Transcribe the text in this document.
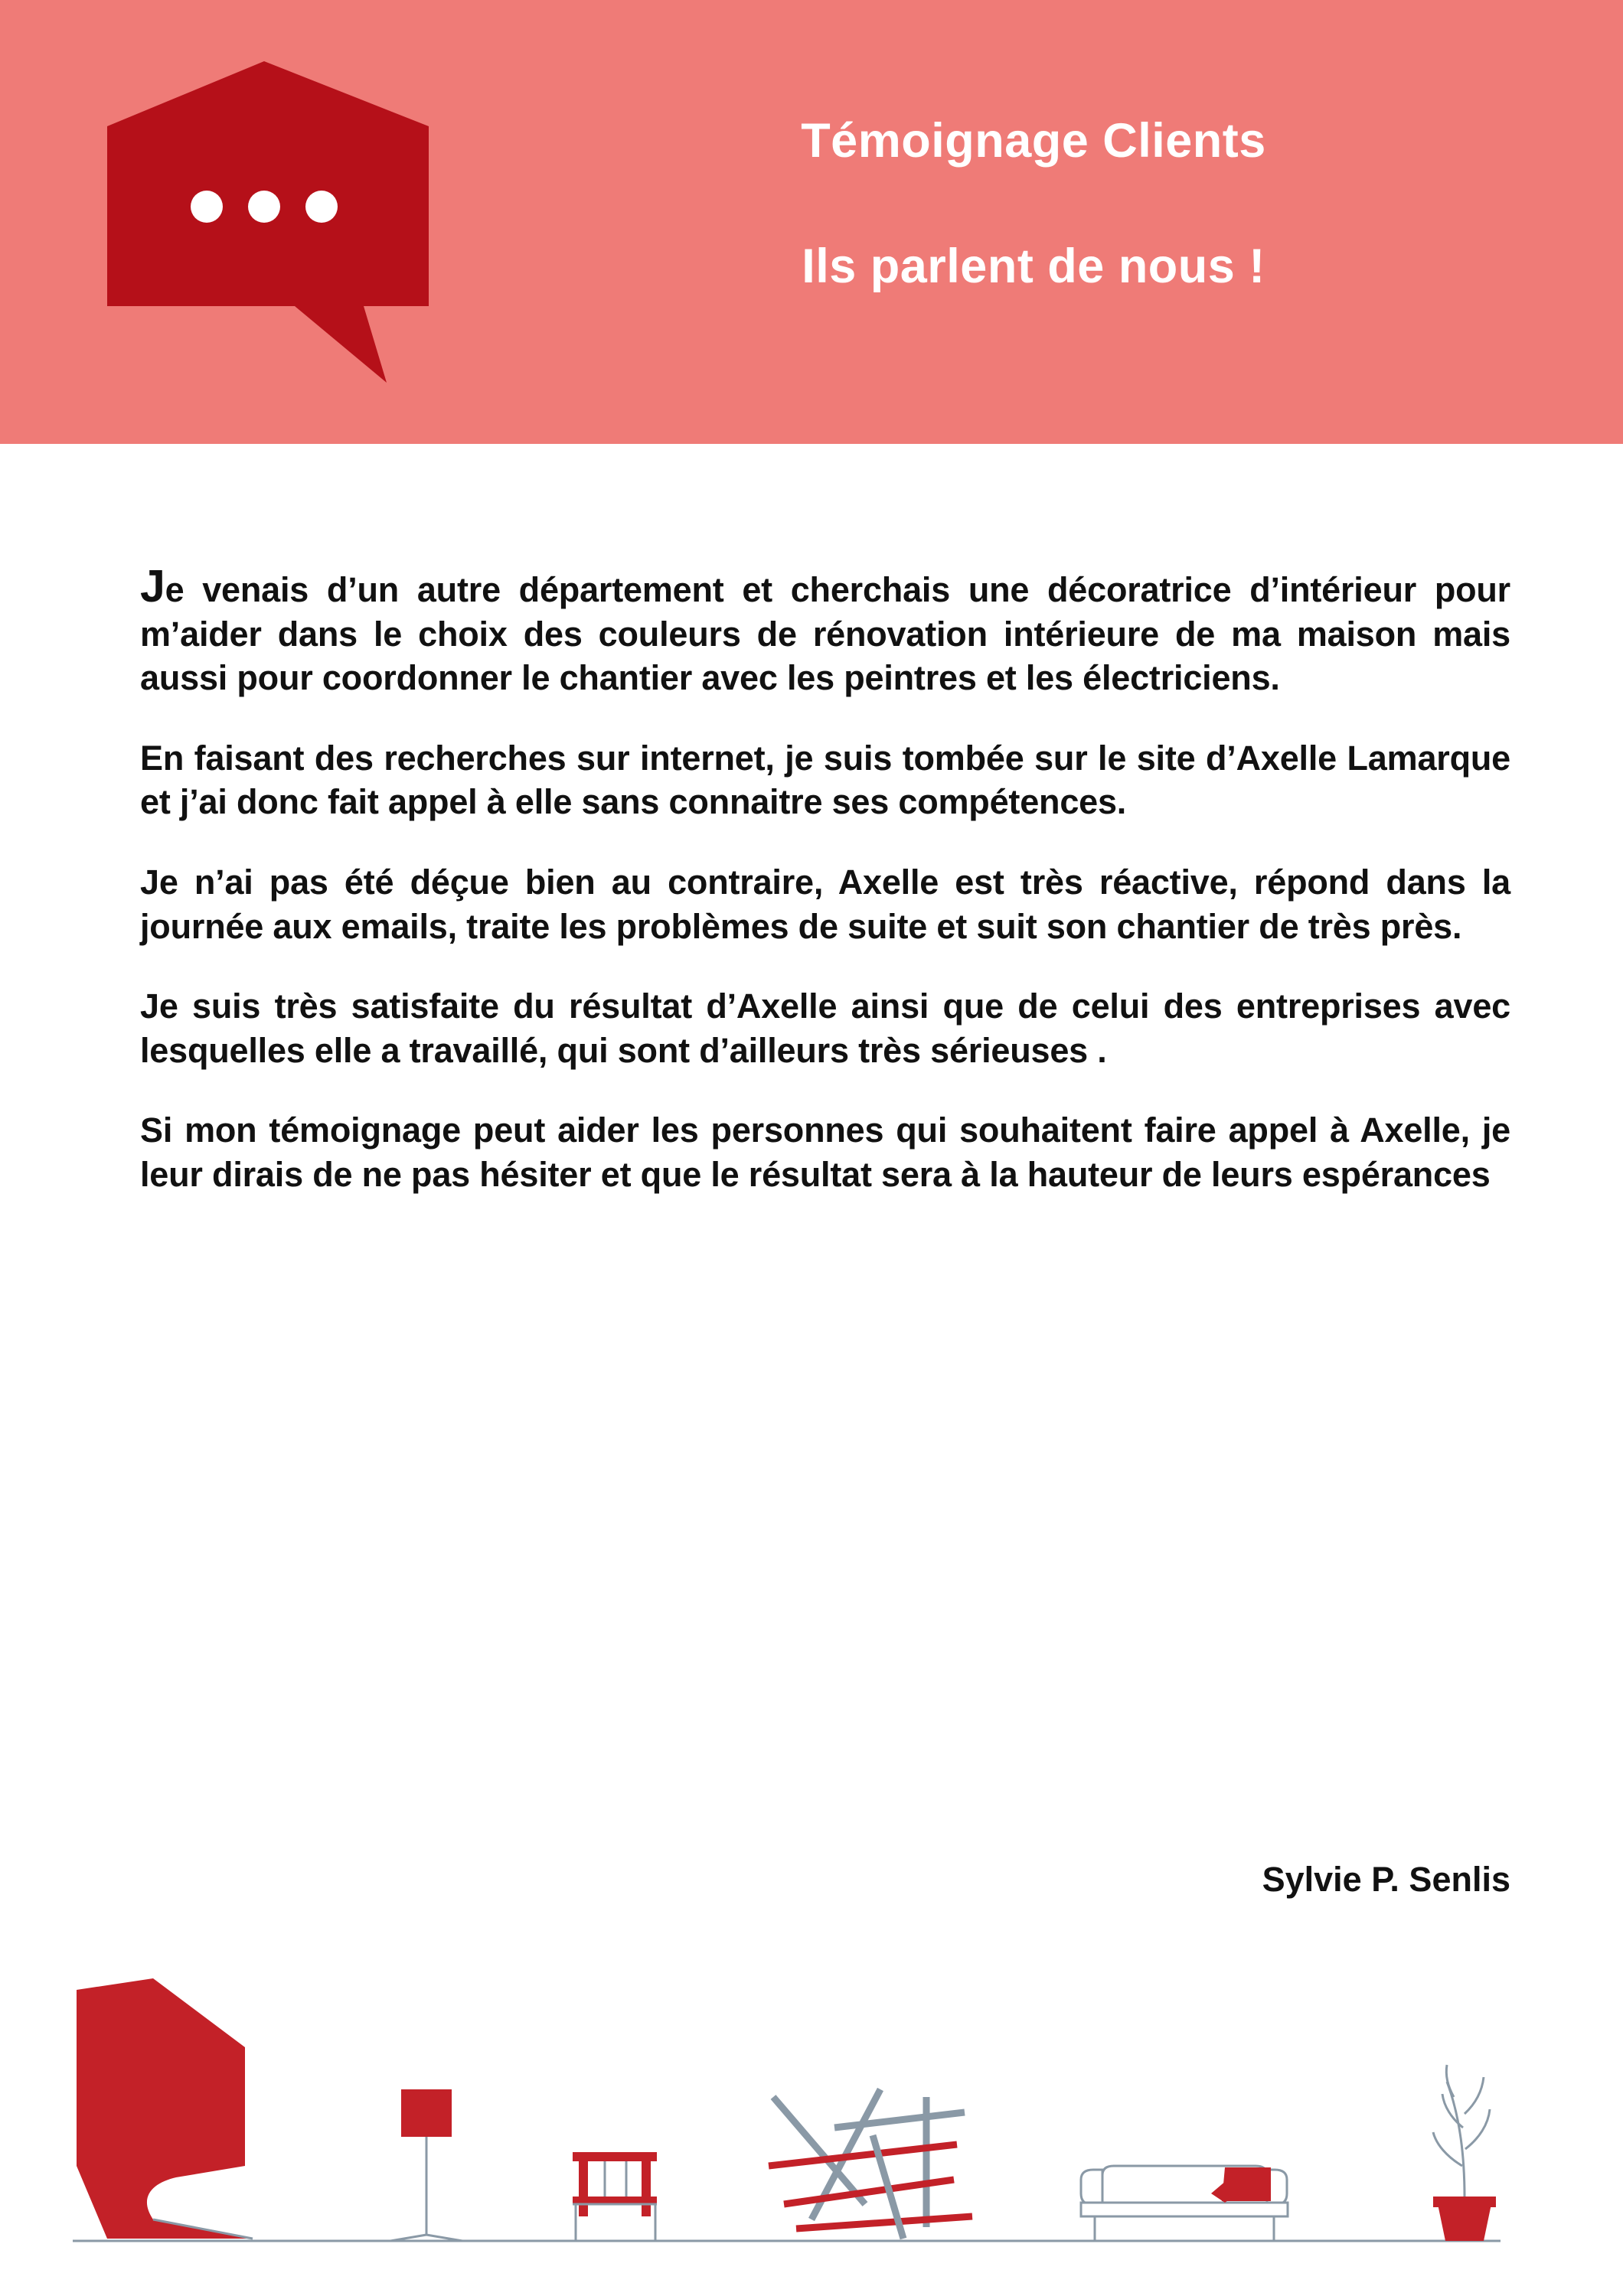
Témoignage Clients
Ils parlent de nous !

Je venais d’un autre département et cherchais une décoratrice d’intérieur pour m’aider dans le choix des couleurs de rénovation intérieure de ma maison mais aussi pour coordonner le chantier avec les peintres et les électriciens.

En faisant des recherches sur internet, je suis tombée sur le site d’Axelle Lamarque et j’ai donc fait appel à elle sans connaitre ses compétences.

Je n’ai pas été déçue bien au contraire, Axelle est très réactive, répond dans la journée aux emails, traite les problèmes de suite et suit son chantier de très près.

Je suis très satisfaite du résultat d’Axelle ainsi que de celui des entreprises avec lesquelles elle a travaillé, qui sont d’ailleurs très sérieuses .

Si mon témoignage peut aider les personnes qui souhaitent faire appel à Axelle, je leur dirais de ne pas hésiter et que le résultat sera à la hauteur de leurs espérances

Sylvie P. Senlis
